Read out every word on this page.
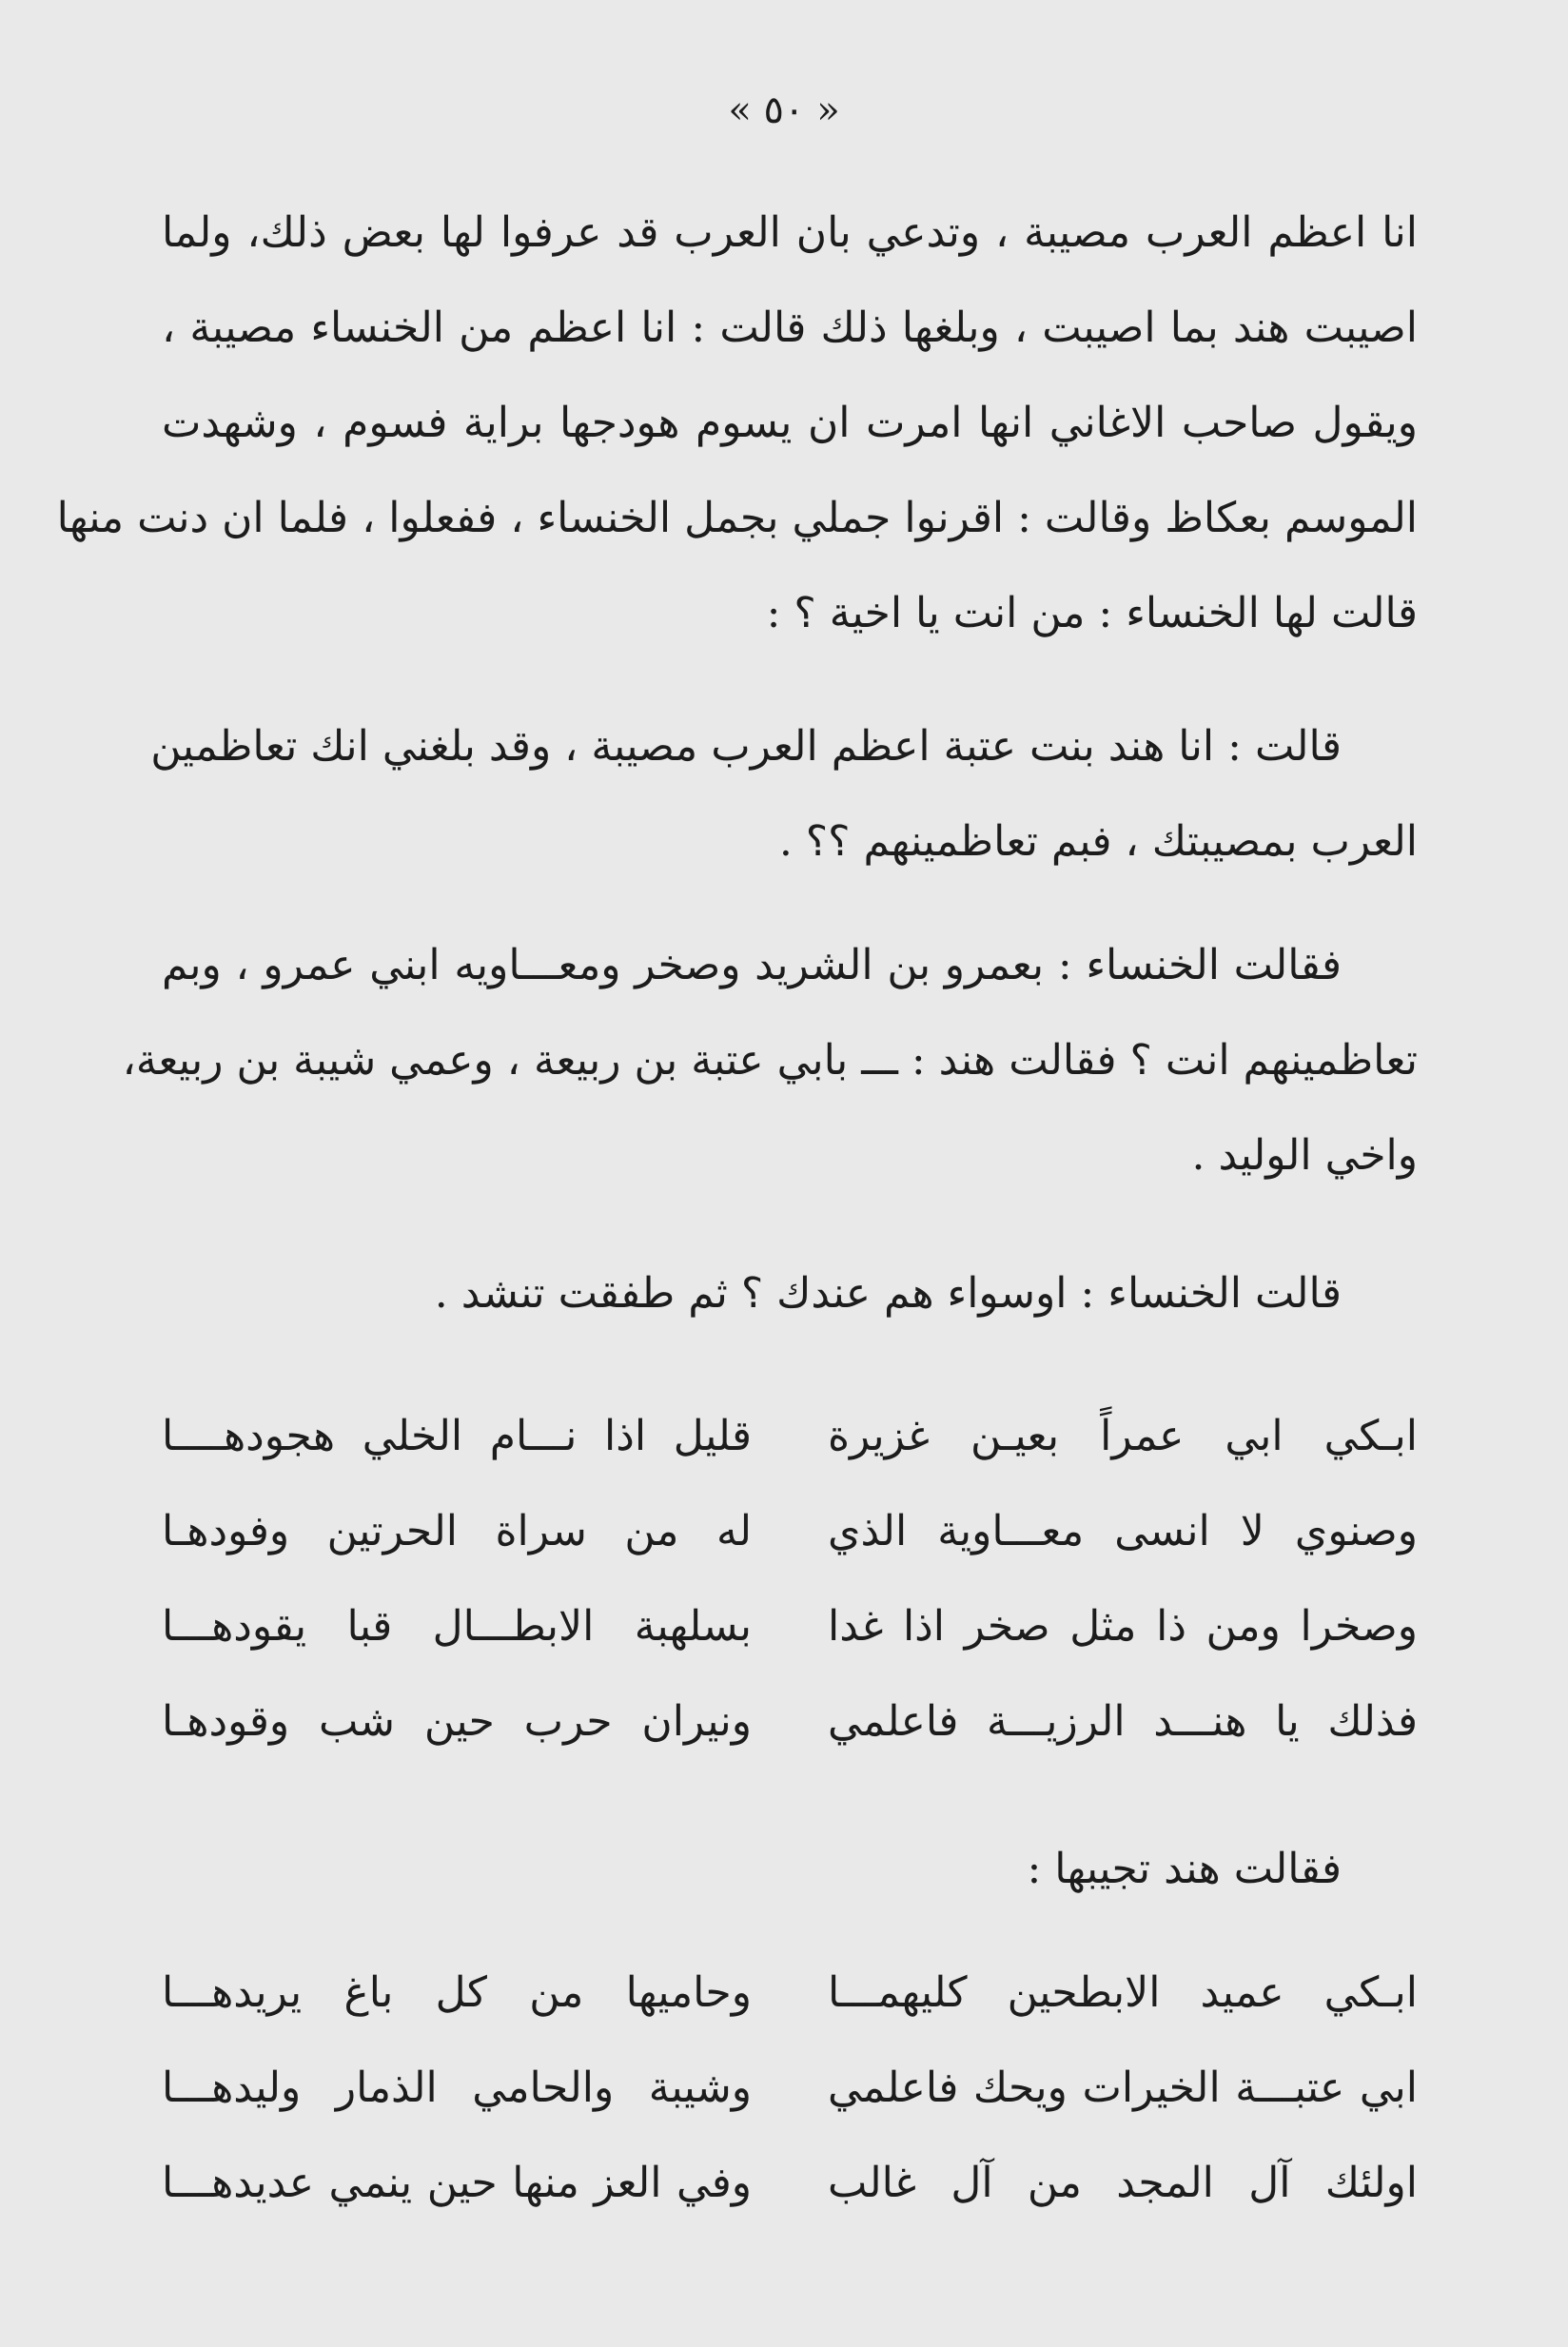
« ٥٠ »
انا اعظم العرب مصيبة ، وتدعي بان العرب قد عرفوا لها بعض ذلك، ولما
اصيبت هند بما اصيبت ، وبلغها ذلك قالت : انا اعظم من الخنساء مصيبة ،
ويقول صاحب الاغاني انها امرت ان يسوم هودجها براية فسوم ، وشهدت
الموسم بعكاظ وقالت : اقرنوا جملي بجمل الخنساء ، ففعلوا ، فلما ان دنت منها
قالت لها الخنساء : من انت يا اخية ؟ :
قالت : انا هند بنت عتبة اعظم العرب مصيبة ، وقد بلغني انك تعاظمين
العرب بمصيبتك ، فبم تعاظمينهم ؟؟ .
فقالت الخنساء : بعمرو بن الشريد وصخر ومعـــاويه ابني عمرو ، وبم
تعاظمينهم انت ؟ فقالت هند : ـــ بابي عتبة بن ربيعة ، وعمي شيبة بن ربيعة،
واخي الوليد .
قالت الخنساء : اوسواء هم عندك ؟ ثم طفقت تنشد .
ابـكي ابي عمراً بعيـن غزيرة
قليل اذا نـــام الخلي هجودهــــا
وصنوي لا انسى معـــاوية الذي
له من سراة الحرتين وفودهـا
وصخرا ومن ذا مثل صخر اذا غدا
بسلهبة الابطـــال قبا يقودهـــا
فذلك يا هنـــد الرزيـــة فاعلمي
ونيران حرب حين شب وقودهـا
فقالت هند تجيبها :
ابـكي عميد الابطحين كليهمـــا
وحاميها من كل باغ يريدهـــا
ابي عتبـــة الخيرات ويحك فاعلمي
وشيبة والحامي الذمار وليدهـــا
اولئك آل المجد من آل غالب
وفي العز منها حين ينمي عديدهـــا
